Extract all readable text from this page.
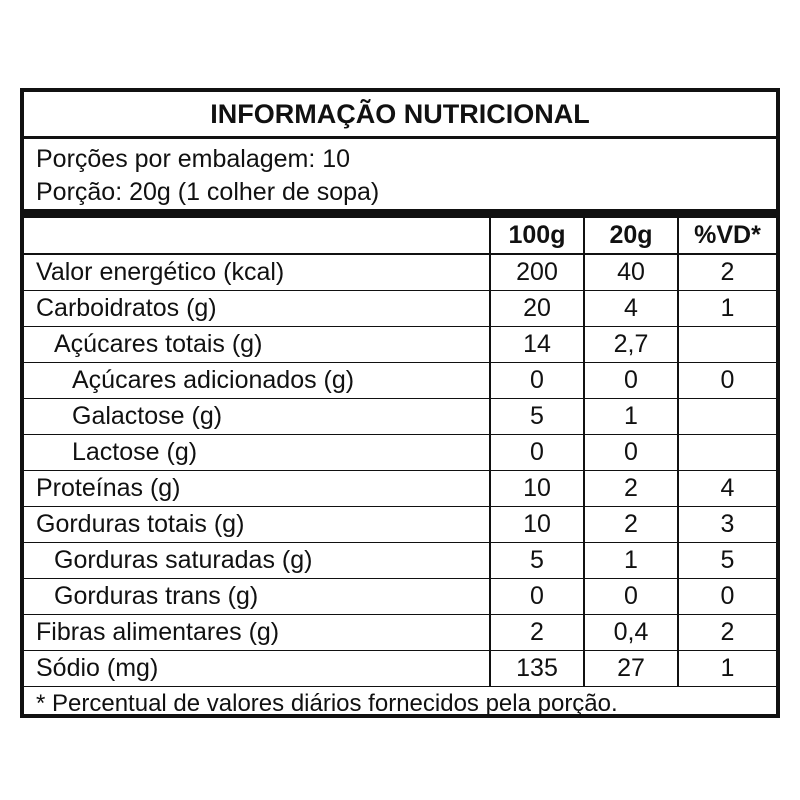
INFORMAÇÃO NUTRICIONAL
Porções por embalagem: 10
Porção: 20g (1 colher de sopa)
	100g	20g	%VD*
Valor energético (kcal)	200	40	2
Carboidratos (g)	20	4	1
Açúcares totais (g)	14	2,7	
Açúcares adicionados (g)	0	0	0
Galactose (g)	5	1	
Lactose (g)	0	0	
Proteínas (g)	10	2	4
Gorduras totais (g)	10	2	3
Gorduras saturadas (g)	5	1	5
Gorduras trans (g)	0	0	0
Fibras alimentares (g)	2	0,4	2
Sódio (mg)	135	27	1
* Percentual de valores diários fornecidos pela porção.
